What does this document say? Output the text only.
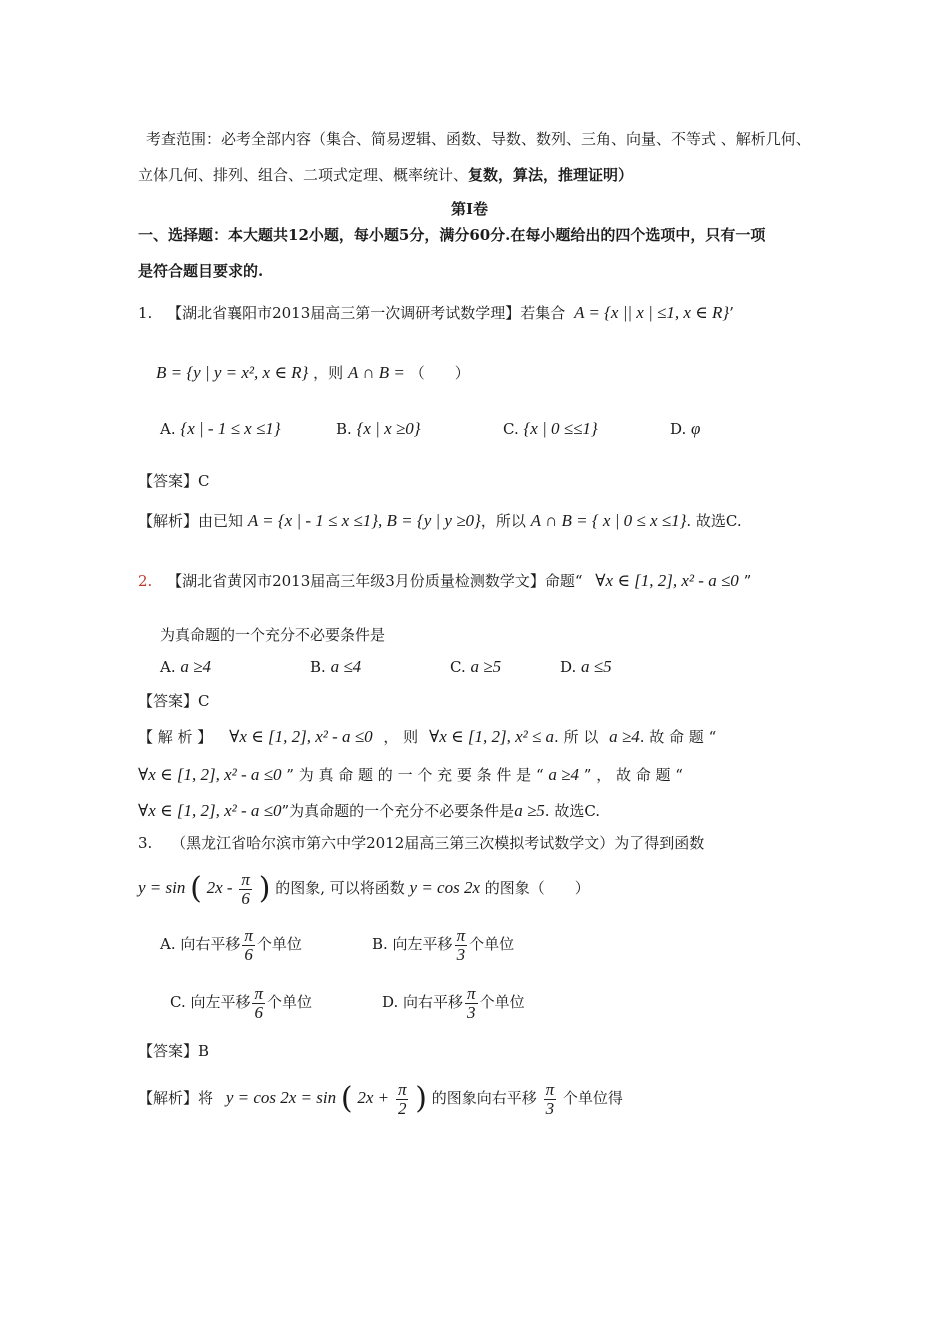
考查范围：必考全部内容（集合、简易逻辑、函数、导数、数列、三角、向量、不等式 、解析几何、
立体几何、排列、组合、二项式定理、概率统计、复数，算法，推理证明）
第Ⅰ卷
一、选择题：本大题共12小题，每小题5分，满分60分.在每小题给出的四个选项中，只有一项
是符合题目要求的.
1. 【湖北省襄阳市2013届高三第一次调研考试数学理】若集合 A = {x || x | ≤1, x ∈ R}’
B = {y | y = x², x ∈ R} ，则 A ∩ B = （　　）
A. {x | - 1 ≤ x ≤1}	B. {x | x ≥0}	C. {x | 0 ≤≤1}	D. φ
【答案】C
【解析】由已知 A = {x | - 1 ≤ x ≤1}, B = {y | y ≥0}，所以 A ∩ B = { x | 0 ≤ x ≤1}. 故选C.
2. 【湖北省黄冈市2013届高三年级3月份质量检测数学文】命题“ ∀x ∈ [1, 2], x² - a ≤0 ”
为真命题的一个充分不必要条件是
A. a ≥4	B. a ≤4	C. a ≥5	D. a ≤5
【答案】C
【 解 析 】 ∀x ∈ [1, 2], x² - a ≤0 ， 则 ∀x ∈ [1, 2], x² ≤ a. 所 以 a ≥4. 故 命 题 “
∀x ∈ [1, 2], x² - a ≤0 ” 为 真 命 题 的 一 个 充 要 条 件 是 “ a ≥4 ” ， 故 命 题 “
∀x ∈ [1, 2], x² - a ≤0”为真命题的一个充分不必要条件是a ≥5. 故选C.
3. （黑龙江省哈尔滨市第六中学2012届高三第三次模拟考试数学文）为了得到函数
y = sin ( $2x - \frac{\pi}{6}$ ) 的图象, 可以将函数 y = cos 2x 的图象（　　）
A. 向右平移 $\frac{\pi}{6}$ 个单位	B. 向左平移 $\frac{\pi}{3}$ 个单位
C. 向左平移 $\frac{\pi}{6}$ 个单位	D. 向右平移 $\frac{\pi}{3}$ 个单位
【答案】B
【解析】将 y = cos 2x = sin ( $2x + \frac{\pi}{2}$ ) 的图象向右平移 $\frac{\pi}{3}$ 个单位得
